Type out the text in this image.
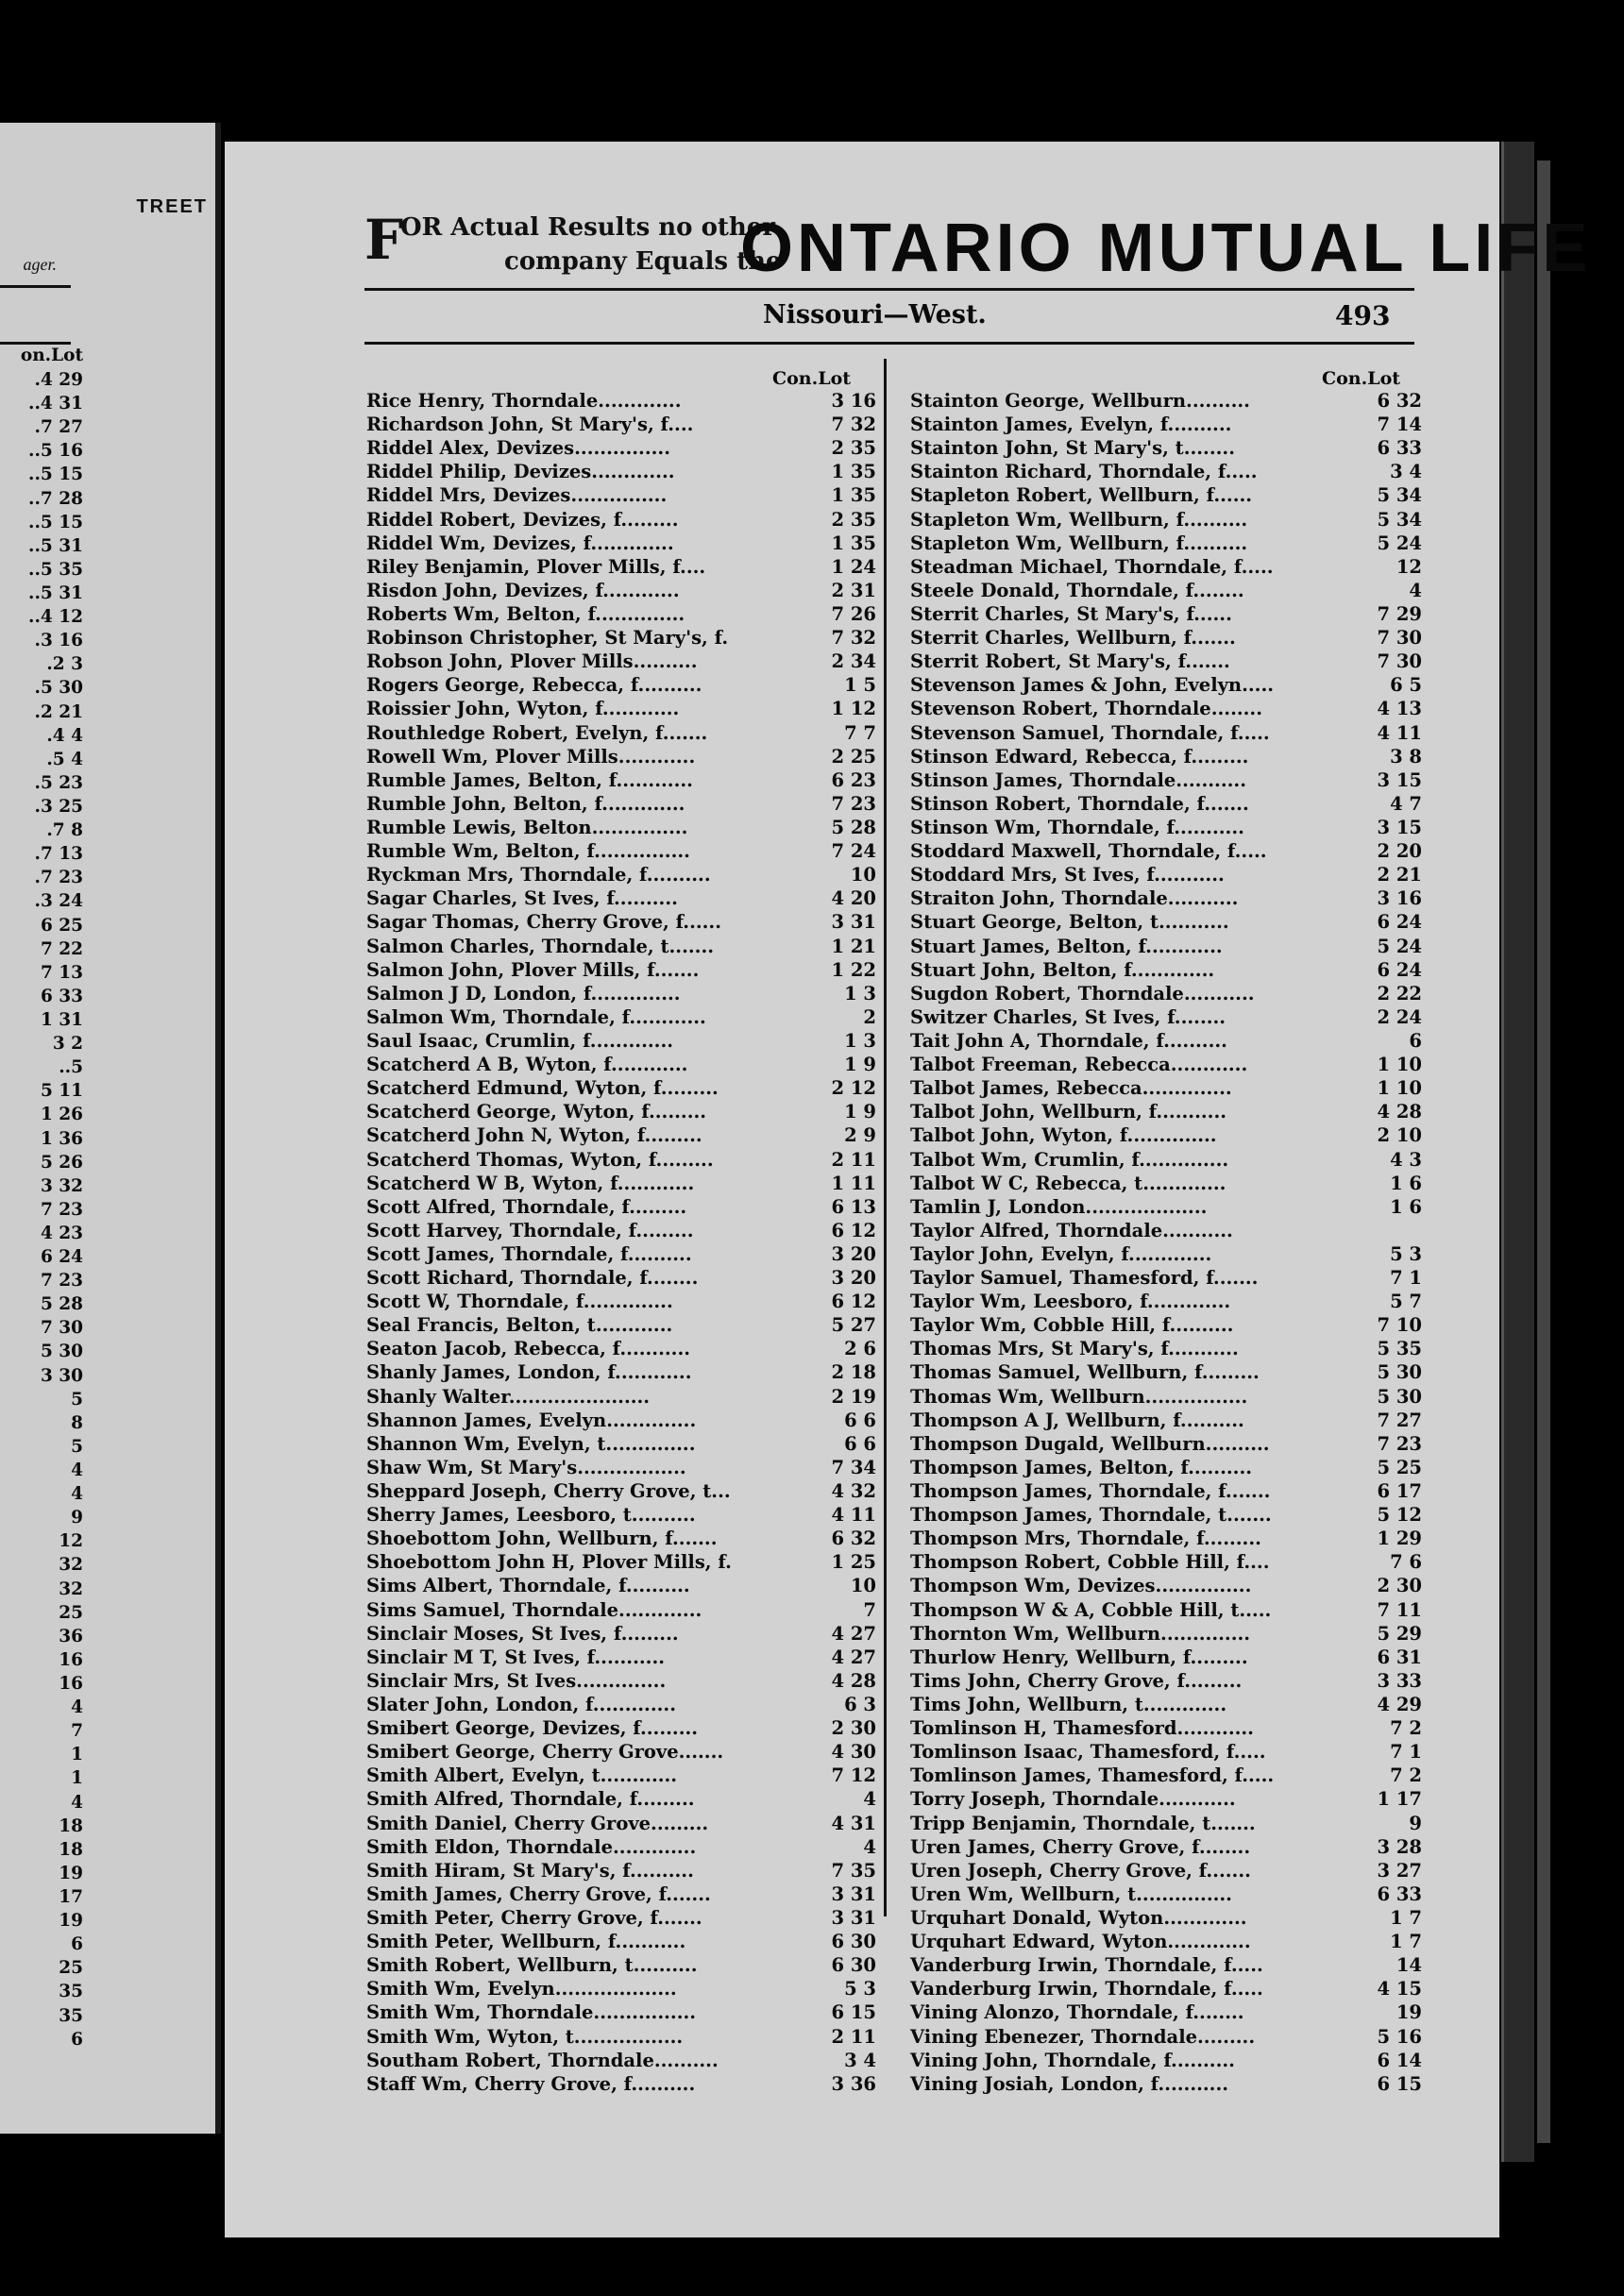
TREET
ager.
on.Lot
.4 29
..4 31
.7 27
..5 16
..5 15
..7 28
..5 15
..5 31
..5 35
..5 31
..4 12
.3 16
.2 3
.5 30
.2 21
.4 4
.5 4
.5 23
.3 25
.7 8
.7 13
.7 23
.3 24
6 25
7 22
7 13
6 33
1 31
3 2
..5
5 11
1 26
1 36
5 26
3 32
7 23
4 23
6 24
7 23
5 28
7 30
5 30
3 30
5
8
5
4
4
9
12
32
32
25
36
16
16
4
7
1
1
4
18
18
19
17
19
6
25
35
35
6
F
OR Actual Results no other
company Equals the
ONTARIO MUTUAL LIFE
Nissouri—West.	493
Con.Lot	Con.Lot
Rice Henry, Thorndale.............	3 16
Richardson John, St Mary's, f....	7 32
Riddel Alex, Devizes...............	2 35
Riddel Philip, Devizes.............	1 35
Riddel Mrs, Devizes...............	1 35
Riddel Robert, Devizes, f.........	2 35
Riddel Wm, Devizes, f.............	1 35
Riley Benjamin, Plover Mills, f....	1 24
Risdon John, Devizes, f............	2 31
Roberts Wm, Belton, f..............	7 26
Robinson Christopher, St Mary's, f.	7 32
Robson John, Plover Mills..........	2 34
Rogers George, Rebecca, f..........	1 5
Roissier John, Wyton, f............	1 12
Routhledge Robert, Evelyn, f.......	7 7
Rowell Wm, Plover Mills............	2 25
Rumble James, Belton, f............	6 23
Rumble John, Belton, f.............	7 23
Rumble Lewis, Belton...............	5 28
Rumble Wm, Belton, f...............	7 24
Ryckman Mrs, Thorndale, f..........	10
Sagar Charles, St Ives, f..........	4 20
Sagar Thomas, Cherry Grove, f......	3 31
Salmon Charles, Thorndale, t.......	1 21
Salmon John, Plover Mills, f.......	1 22
Salmon J D, London, f..............	1 3
Salmon Wm, Thorndale, f............	2
Saul Isaac, Crumlin, f.............	1 3
Scatcherd A B, Wyton, f............	1 9
Scatcherd Edmund, Wyton, f.........	2 12
Scatcherd George, Wyton, f.........	1 9
Scatcherd John N, Wyton, f.........	2 9
Scatcherd Thomas, Wyton, f.........	2 11
Scatcherd W B, Wyton, f............	1 11
Scott Alfred, Thorndale, f.........	6 13
Scott Harvey, Thorndale, f.........	6 12
Scott James, Thorndale, f..........	3 20
Scott Richard, Thorndale, f........	3 20
Scott W, Thorndale, f..............	6 12
Seal Francis, Belton, t............	5 27
Seaton Jacob, Rebecca, f...........	2 6
Shanly James, London, f............	2 18
Shanly Walter......................	2 19
Shannon James, Evelyn..............	6 6
Shannon Wm, Evelyn, t..............	6 6
Shaw Wm, St Mary's.................	7 34
Sheppard Joseph, Cherry Grove, t...	4 32
Sherry James, Leesboro, t..........	4 11
Shoebottom John, Wellburn, f.......	6 32
Shoebottom John H, Plover Mills, f.	1 25
Sims Albert, Thorndale, f..........	10
Sims Samuel, Thorndale.............	7
Sinclair Moses, St Ives, f.........	4 27
Sinclair M T, St Ives, f...........	4 27
Sinclair Mrs, St Ives..............	4 28
Slater John, London, f.............	6 3
Smibert George, Devizes, f.........	2 30
Smibert George, Cherry Grove.......	4 30
Smith Albert, Evelyn, t............	7 12
Smith Alfred, Thorndale, f.........	4
Smith Daniel, Cherry Grove.........	4 31
Smith Eldon, Thorndale.............	4
Smith Hiram, St Mary's, f..........	7 35
Smith James, Cherry Grove, f.......	3 31
Smith Peter, Cherry Grove, f.......	3 31
Smith Peter, Wellburn, f...........	6 30
Smith Robert, Wellburn, t..........	6 30
Smith Wm, Evelyn...................	5 3
Smith Wm, Thorndale................	6 15
Smith Wm, Wyton, t.................	2 11
Southam Robert, Thorndale..........	3 4
Staff Wm, Cherry Grove, f..........	3 36
Stainton George, Wellburn..........	6 32
Stainton James, Evelyn, f..........	7 14
Stainton John, St Mary's, t........	6 33
Stainton Richard, Thorndale, f.....	3 4
Stapleton Robert, Wellburn, f......	5 34
Stapleton Wm, Wellburn, f..........	5 34
Stapleton Wm, Wellburn, f..........	5 24
Steadman Michael, Thorndale, f.....	12
Steele Donald, Thorndale, f........	4
Sterrit Charles, St Mary's, f......	7 29
Sterrit Charles, Wellburn, f.......	7 30
Sterrit Robert, St Mary's, f.......	7 30
Stevenson James & John, Evelyn.....	6 5
Stevenson Robert, Thorndale........	4 13
Stevenson Samuel, Thorndale, f.....	4 11
Stinson Edward, Rebecca, f.........	3 8
Stinson James, Thorndale...........	3 15
Stinson Robert, Thorndale, f.......	4 7
Stinson Wm, Thorndale, f...........	3 15
Stoddard Maxwell, Thorndale, f.....	2 20
Stoddard Mrs, St Ives, f...........	2 21
Straiton John, Thorndale...........	3 16
Stuart George, Belton, t...........	6 24
Stuart James, Belton, f............	5 24
Stuart John, Belton, f.............	6 24
Sugdon Robert, Thorndale...........	2 22
Switzer Charles, St Ives, f........	2 24
Tait John A, Thorndale, f..........	6
Talbot Freeman, Rebecca............	1 10
Talbot James, Rebecca..............	1 10
Talbot John, Wellburn, f...........	4 28
Talbot John, Wyton, f..............	2 10
Talbot Wm, Crumlin, f..............	4 3
Talbot W C, Rebecca, t.............	1 6
Tamlin J, London...................	1 6
Taylor Alfred, Thorndale...........
Taylor John, Evelyn, f.............	5 3
Taylor Samuel, Thamesford, f.......	7 1
Taylor Wm, Leesboro, f.............	5 7
Taylor Wm, Cobble Hill, f..........	7 10
Thomas Mrs, St Mary's, f...........	5 35
Thomas Samuel, Wellburn, f.........	5 30
Thomas Wm, Wellburn................	5 30
Thompson A J, Wellburn, f..........	7 27
Thompson Dugald, Wellburn..........	7 23
Thompson James, Belton, f..........	5 25
Thompson James, Thorndale, f.......	6 17
Thompson James, Thorndale, t.......	5 12
Thompson Mrs, Thorndale, f.........	1 29
Thompson Robert, Cobble Hill, f....	7 6
Thompson Wm, Devizes...............	2 30
Thompson W & A, Cobble Hill, t.....	7 11
Thornton Wm, Wellburn..............	5 29
Thurlow Henry, Wellburn, f.........	6 31
Tims John, Cherry Grove, f.........	3 33
Tims John, Wellburn, t.............	4 29
Tomlinson H, Thamesford............	7 2
Tomlinson Isaac, Thamesford, f.....	7 1
Tomlinson James, Thamesford, f.....	7 2
Torry Joseph, Thorndale............	1 17
Tripp Benjamin, Thorndale, t.......	9
Uren James, Cherry Grove, f........	3 28
Uren Joseph, Cherry Grove, f.......	3 27
Uren Wm, Wellburn, t...............	6 33
Urquhart Donald, Wyton.............	1 7
Urquhart Edward, Wyton.............	1 7
Vanderburg Irwin, Thorndale, f.....	14
Vanderburg Irwin, Thorndale, f.....	4 15
Vining Alonzo, Thorndale, f........	19
Vining Ebenezer, Thorndale.........	5 16
Vining John, Thorndale, f..........	6 14
Vining Josiah, London, f...........	6 15
